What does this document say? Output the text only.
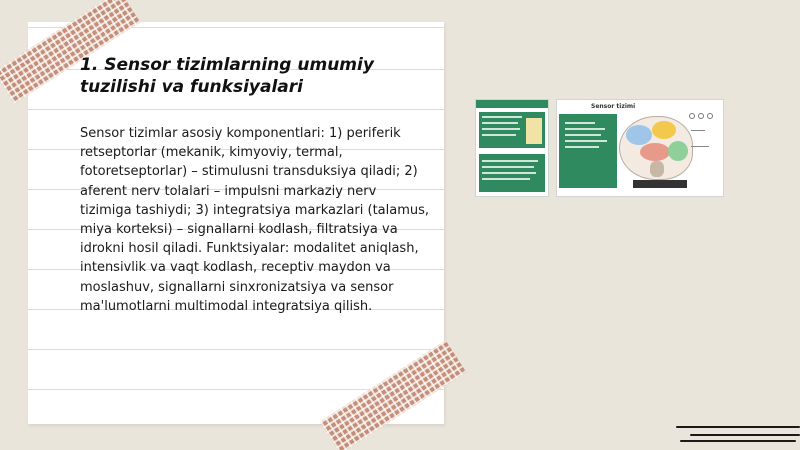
1. Sensor tizimlarning umumiy tuzilishi va funksiyalari

Sensor tizimlar asosiy komponentlari: 1) periferik retseptorlar (mekanik, kimyoviy, termal, fotoretseptorlar) – stimulusni transduksiya qiladi; 2) aferent nerv tolalari – impulsni markaziy nerv tizimiga tashiydi; 3) integratsiya markazlari (talamus, miya korteksi) – signallarni kodlash, filtratsiya va idrokni hosil qiladi. Funktsiyalar: modalitet aniqlash, intensivlik va vaqt kodlash, receptiv maydon va moslashuv, signallarni sinxronizatsiya va sensor ma'lumotlarni multimodal integratsiya qilish.

Sensor tizimi
